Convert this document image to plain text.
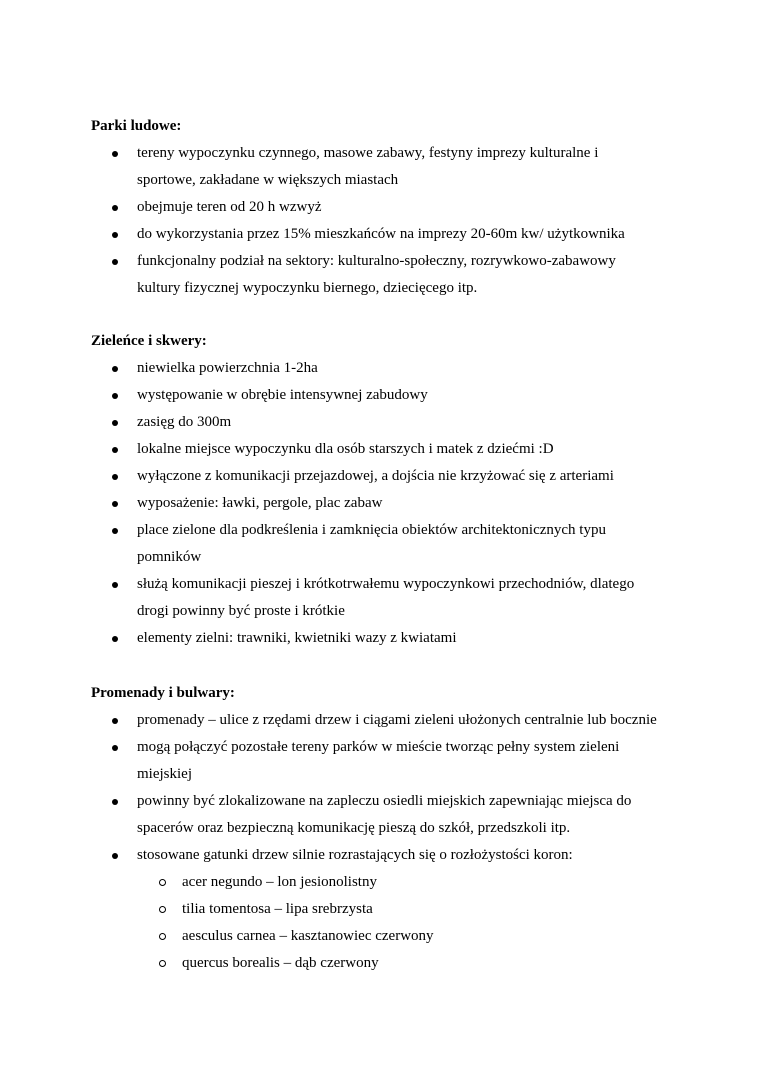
Parki ludowe:

tereny wypoczynku czynnego, masowe zabawy, festyny imprezy kulturalne i
sportowe, zakładane w większych miastach
obejmuje teren od 20 h wzwyż
do wykorzystania przez 15% mieszkańców na imprezy 20-60m kw/ użytkownika
funkcjonalny podział na sektory: kulturalno-społeczny, rozrywkowo-zabawowy
kultury fizycznej wypoczynku biernego, dziecięcego itp.

Zieleńce i skwery:

niewielka powierzchnia 1-2ha
występowanie w obrębie intensywnej zabudowy
zasięg do 300m
lokalne miejsce wypoczynku dla osób starszych i matek z dziećmi :D
wyłączone z komunikacji przejazdowej, a dojścia nie krzyżować się z arteriami
wyposażenie: ławki, pergole, plac zabaw
place zielone dla podkreślenia i zamknięcia obiektów architektonicznych typu
pomników
służą komunikacji pieszej i krótkotrwałemu wypoczynkowi przechodniów, dlatego
drogi powinny być proste i krótkie
elementy zielni: trawniki, kwietniki wazy z kwiatami

Promenady i bulwary:

promenady – ulice z rzędami drzew i ciągami zieleni ułożonych centralnie lub bocznie
mogą połączyć pozostałe tereny parków w mieście tworząc pełny system zieleni
miejskiej
powinny być zlokalizowane na zapleczu osiedli miejskich zapewniając miejsca do
spacerów oraz bezpieczną komunikację pieszą do szkół, przedszkoli itp.
stosowane gatunki drzew silnie rozrastających się o rozłożystości koron:
acer negundo – lon jesionolistny
tilia tomentosa – lipa srebrzysta
aesculus carnea – kasztanowiec czerwony
quercus borealis – dąb czerwony
